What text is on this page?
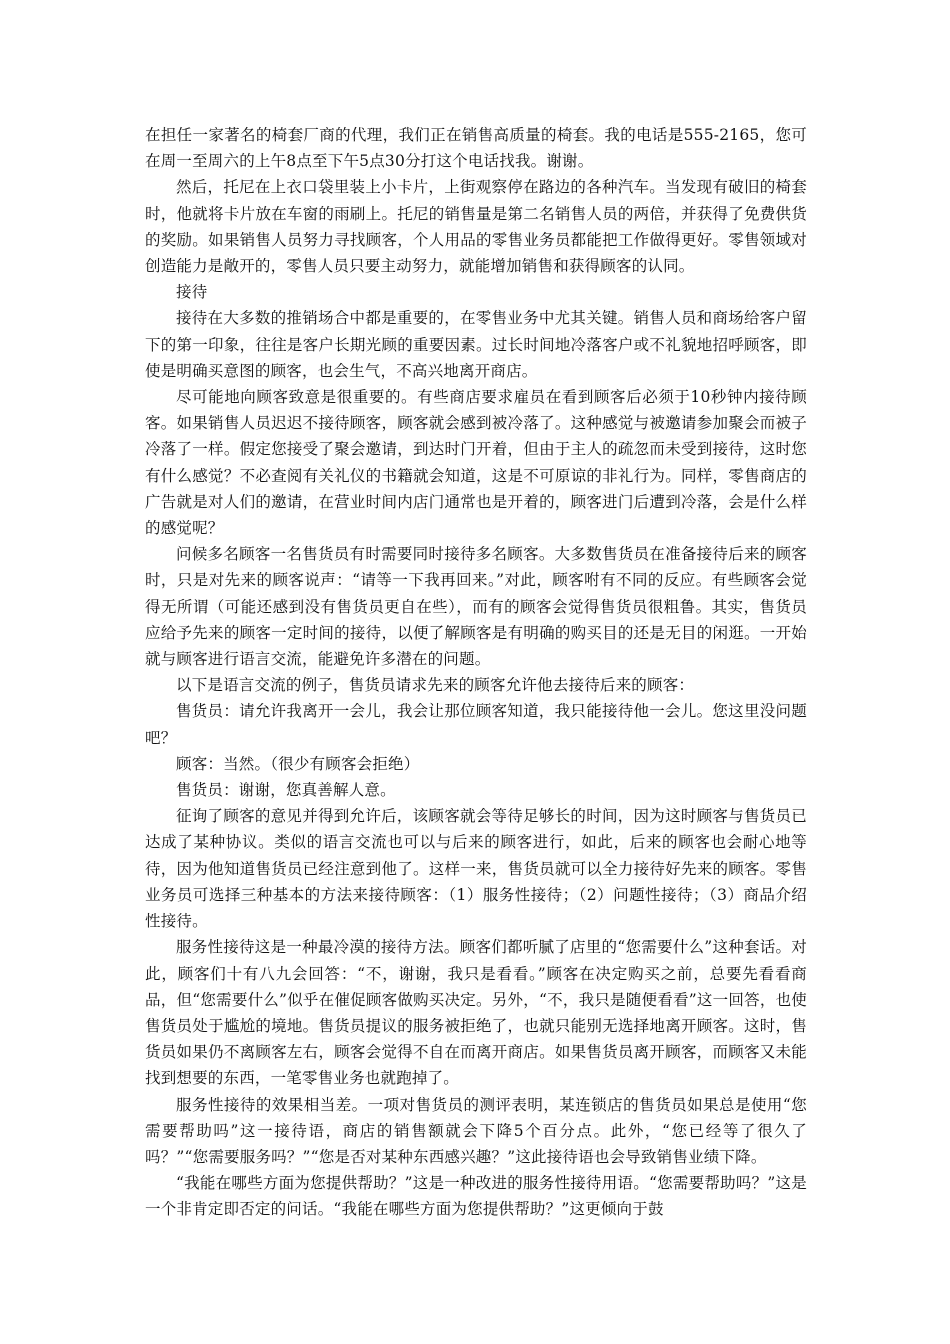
在担任一家著名的椅套厂商的代理，我们正在销售高质量的椅套。我的电话是555-2165，您可在周一至周六的上午8点至下午5点30分打这个电话找我。谢谢。

然后，托尼在上衣口袋里装上小卡片，上街观察停在路边的各种汽车。当发现有破旧的椅套时，他就将卡片放在车窗的雨刷上。托尼的销售量是第二名销售人员的两倍，并获得了免费供货的奖励。如果销售人员努力寻找顾客，个人用品的零售业务员都能把工作做得更好。零售领域对创造能力是敞开的，零售人员只要主动努力，就能增加销售和获得顾客的认同。

接待

接待在大多数的推销场合中都是重要的，在零售业务中尤其关键。销售人员和商场给客户留下的第一印象，往往是客户长期光顾的重要因素。过长时间地冷落客户或不礼貌地招呼顾客，即使是明确买意图的顾客，也会生气，不高兴地离开商店。

尽可能地向顾客致意是很重要的。有些商店要求雇员在看到顾客后必须于10秒钟内接待顾客。如果销售人员迟迟不接待顾客，顾客就会感到被冷落了。这种感觉与被邀请参加聚会而被子冷落了一样。假定您接受了聚会邀请，到达时门开着，但由于主人的疏忽而未受到接待，这时您有什么感觉？不必查阅有关礼仪的书籍就会知道，这是不可原谅的非礼行为。同样，零售商店的广告就是对人们的邀请，在营业时间内店门通常也是开着的，顾客进门后遭到冷落，会是什么样的感觉呢？

问候多名顾客一名售货员有时需要同时接待多名顾客。大多数售货员在准备接待后来的顾客时，只是对先来的顾客说声：“请等一下我再回来。”对此，顾客咐有不同的反应。有些顾客会觉得无所谓（可能还感到没有售货员更自在些），而有的顾客会觉得售货员很粗鲁。其实，售货员应给予先来的顾客一定时间的接待，以便了解顾客是有明确的购买目的还是无目的闲逛。一开始就与顾客进行语言交流，能避免许多潜在的问题。

以下是语言交流的例子，售货员请求先来的顾客允许他去接待后来的顾客：

售货员：请允许我离开一会儿，我会让那位顾客知道，我只能接待他一会儿。您这里没问题吧？

顾客：当然。（很少有顾客会拒绝）

售货员：谢谢，您真善解人意。

征询了顾客的意见并得到允许后，该顾客就会等待足够长的时间，因为这时顾客与售货员已达成了某种协议。类似的语言交流也可以与后来的顾客进行，如此，后来的顾客也会耐心地等待，因为他知道售货员已经注意到他了。这样一来，售货员就可以全力接待好先来的顾客。零售业务员可选择三种基本的方法来接待顾客：（1）服务性接待；（2）问题性接待；（3）商品介绍性接待。

服务性接待这是一种最冷漠的接待方法。顾客们都听腻了店里的“您需要什么”这种套话。对此，顾客们十有八九会回答：“不，谢谢，我只是看看。”顾客在决定购买之前，总要先看看商品，但“您需要什么”似乎在催促顾客做购买决定。另外，“不，我只是随便看看”这一回答，也使售货员处于尴尬的境地。售货员提议的服务被拒绝了，也就只能别无选择地离开顾客。这时，售货员如果仍不离顾客左右，顾客会觉得不自在而离开商店。如果售货员离开顾客，而顾客又未能找到想要的东西，一笔零售业务也就跑掉了。

服务性接待的效果相当差。一项对售货员的测评表明，某连锁店的售货员如果总是使用“您需要帮助吗”这一接待语，商店的销售额就会下降5个百分点。此外，“您已经等了很久了吗？”“您需要服务吗？”“您是否对某种东西感兴趣？”这此接待语也会导致销售业绩下降。

“我能在哪些方面为您提供帮助？”这是一种改进的服务性接待用语。“您需要帮助吗？”这是一个非肯定即否定的问话。“我能在哪些方面为您提供帮助？”这更倾向于鼓
